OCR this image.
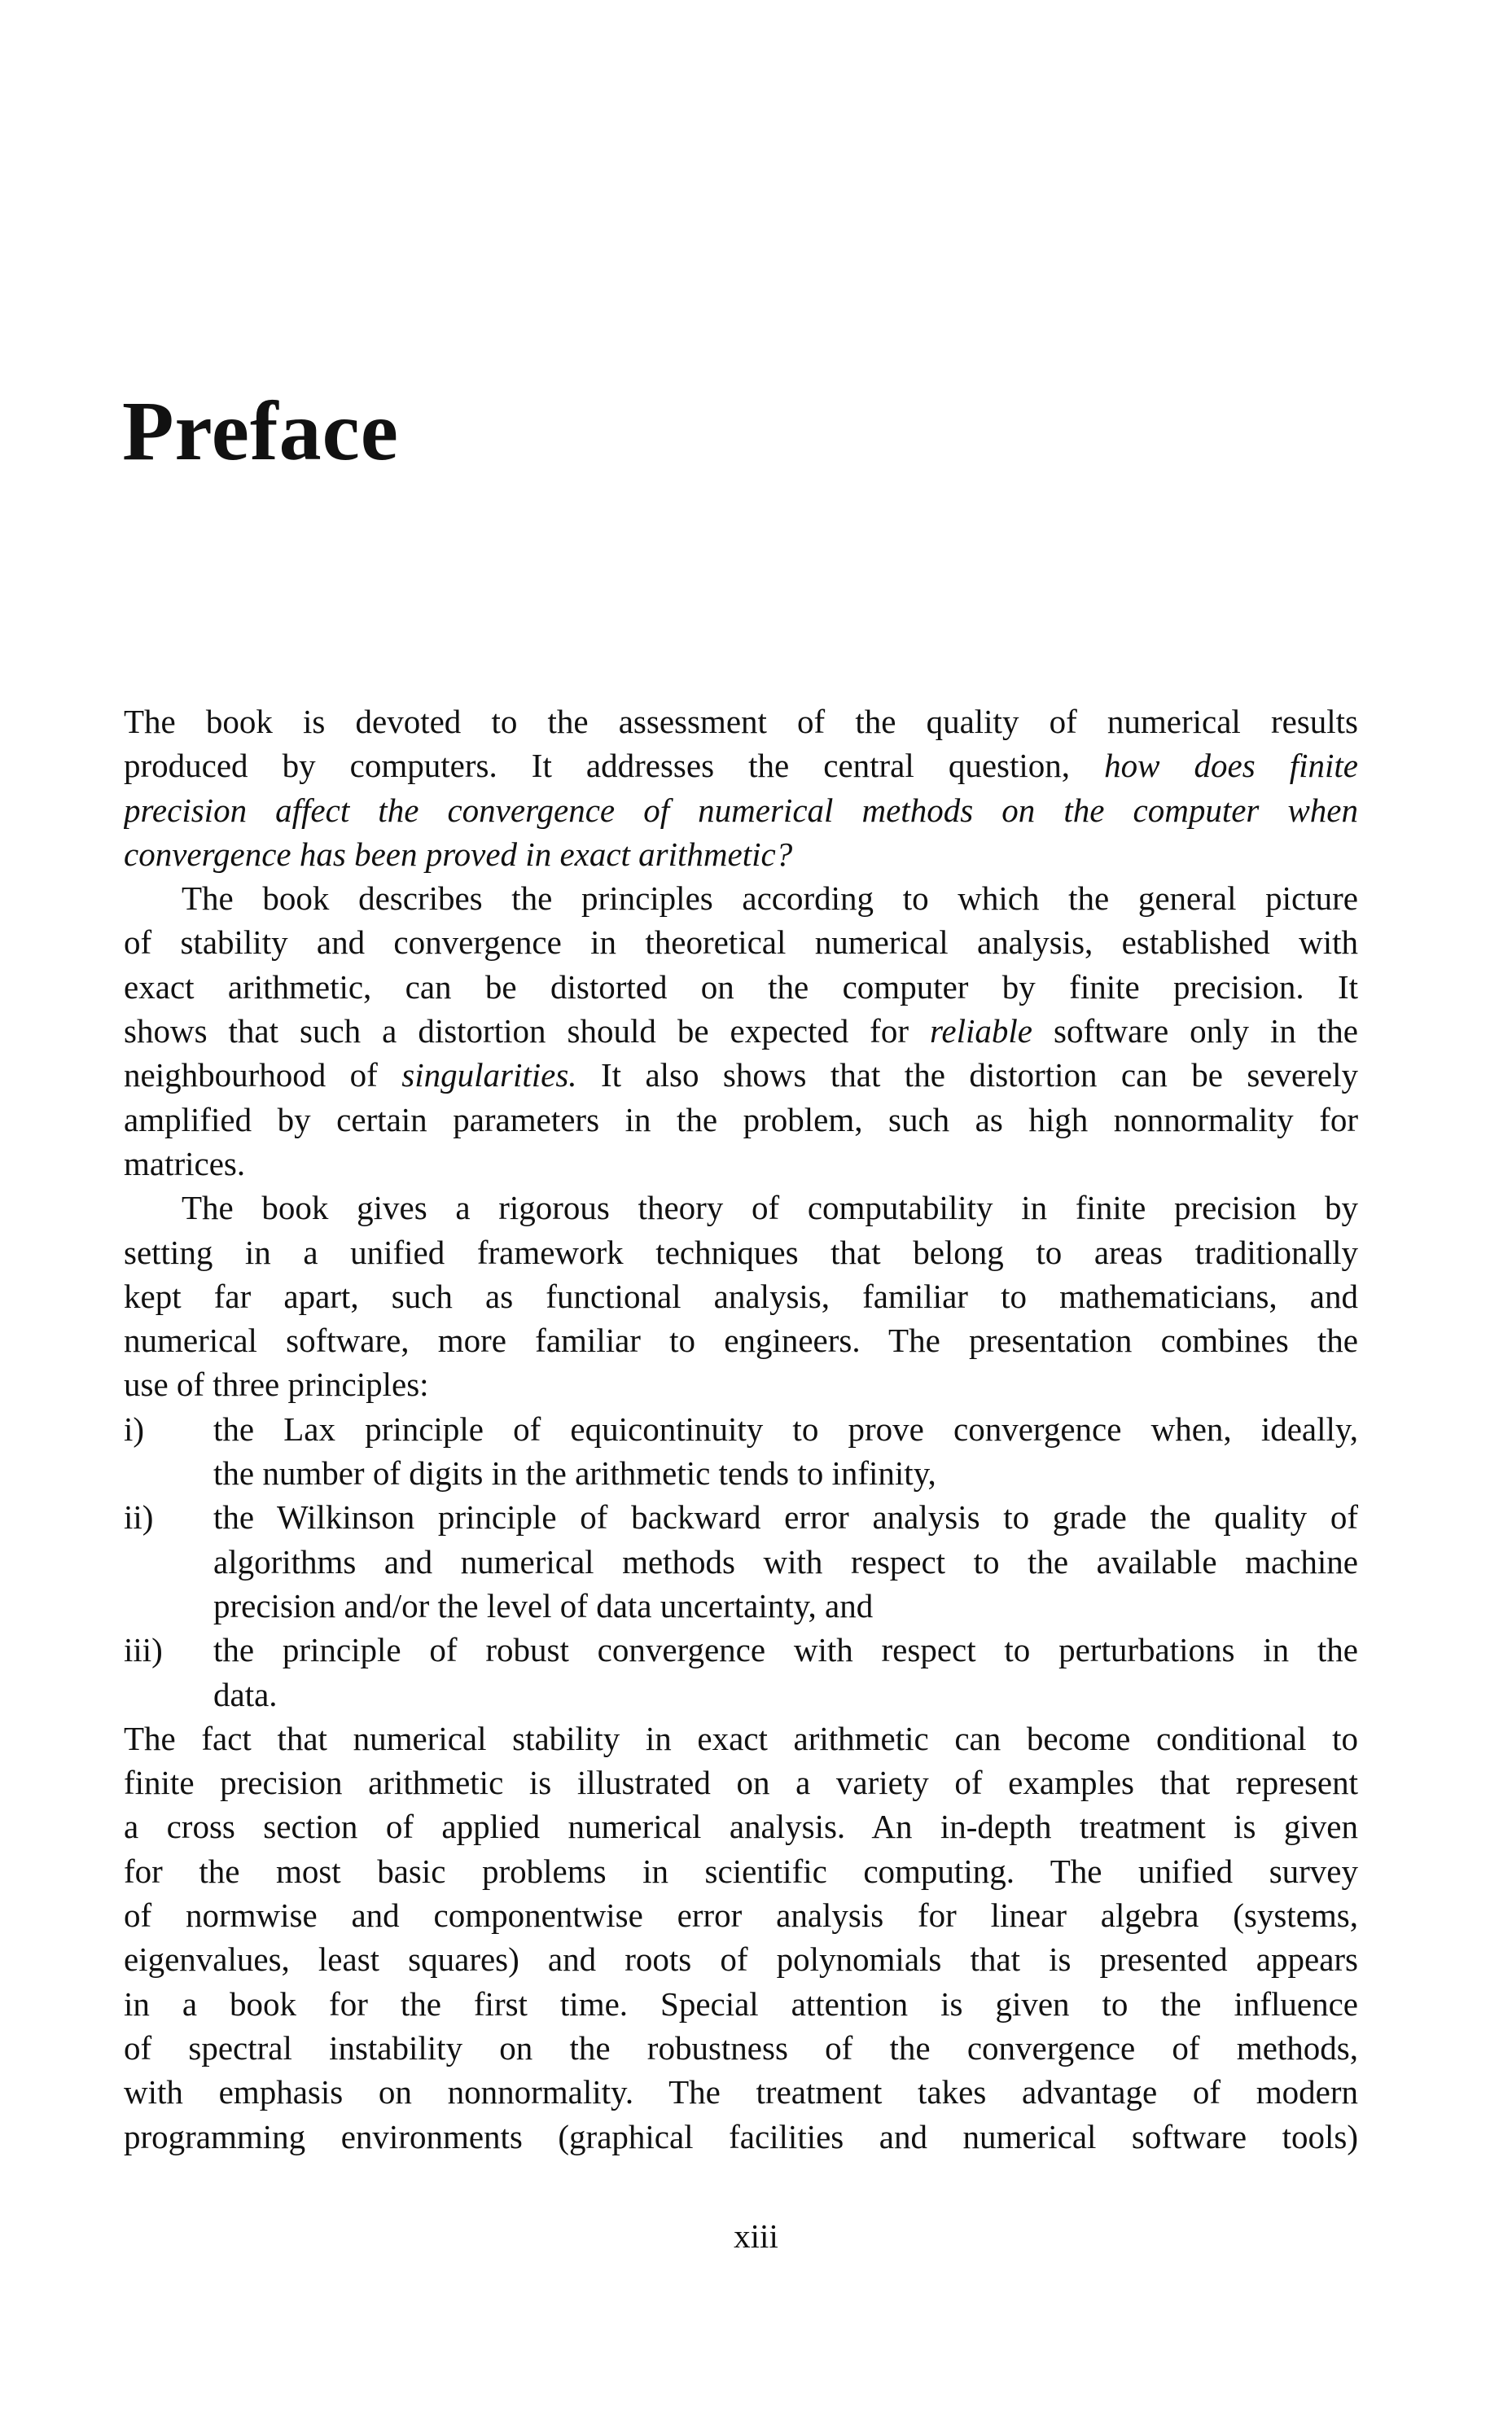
Preface
The book is devoted to the assessment of the quality of numerical results
produced by computers. It addresses the central question, how does finite
precision affect the convergence of numerical methods on the computer when
convergence has been proved in exact arithmetic?
The book describes the principles according to which the general picture
of stability and convergence in theoretical numerical analysis, established with
exact arithmetic, can be distorted on the computer by finite precision. It
shows that such a distortion should be expected for reliable software only in the
neighbourhood of singularities. It also shows that the distortion can be severely
amplified by certain parameters in the problem, such as high nonnormality for
matrices.
The book gives a rigorous theory of computability in finite precision by
setting in a unified framework techniques that belong to areas traditionally
kept far apart, such as functional analysis, familiar to mathematicians, and
numerical software, more familiar to engineers. The presentation combines the
use of three principles:
i)	the Lax principle of equicontinuity to prove convergence when, ideally,
the number of digits in the arithmetic tends to infinity,
ii)	the Wilkinson principle of backward error analysis to grade the quality of
algorithms and numerical methods with respect to the available machine
precision and/or the level of data uncertainty, and
iii)	the principle of robust convergence with respect to perturbations in the
data.
The fact that numerical stability in exact arithmetic can become conditional to
finite precision arithmetic is illustrated on a variety of examples that represent
a cross section of applied numerical analysis. An in-depth treatment is given
for the most basic problems in scientific computing. The unified survey
of normwise and componentwise error analysis for linear algebra (systems,
eigenvalues, least squares) and roots of polynomials that is presented appears
in a book for the first time. Special attention is given to the influence
of spectral instability on the robustness of the convergence of methods,
with emphasis on nonnormality. The treatment takes advantage of modern
programming environments (graphical facilities and numerical software tools)
xiii
